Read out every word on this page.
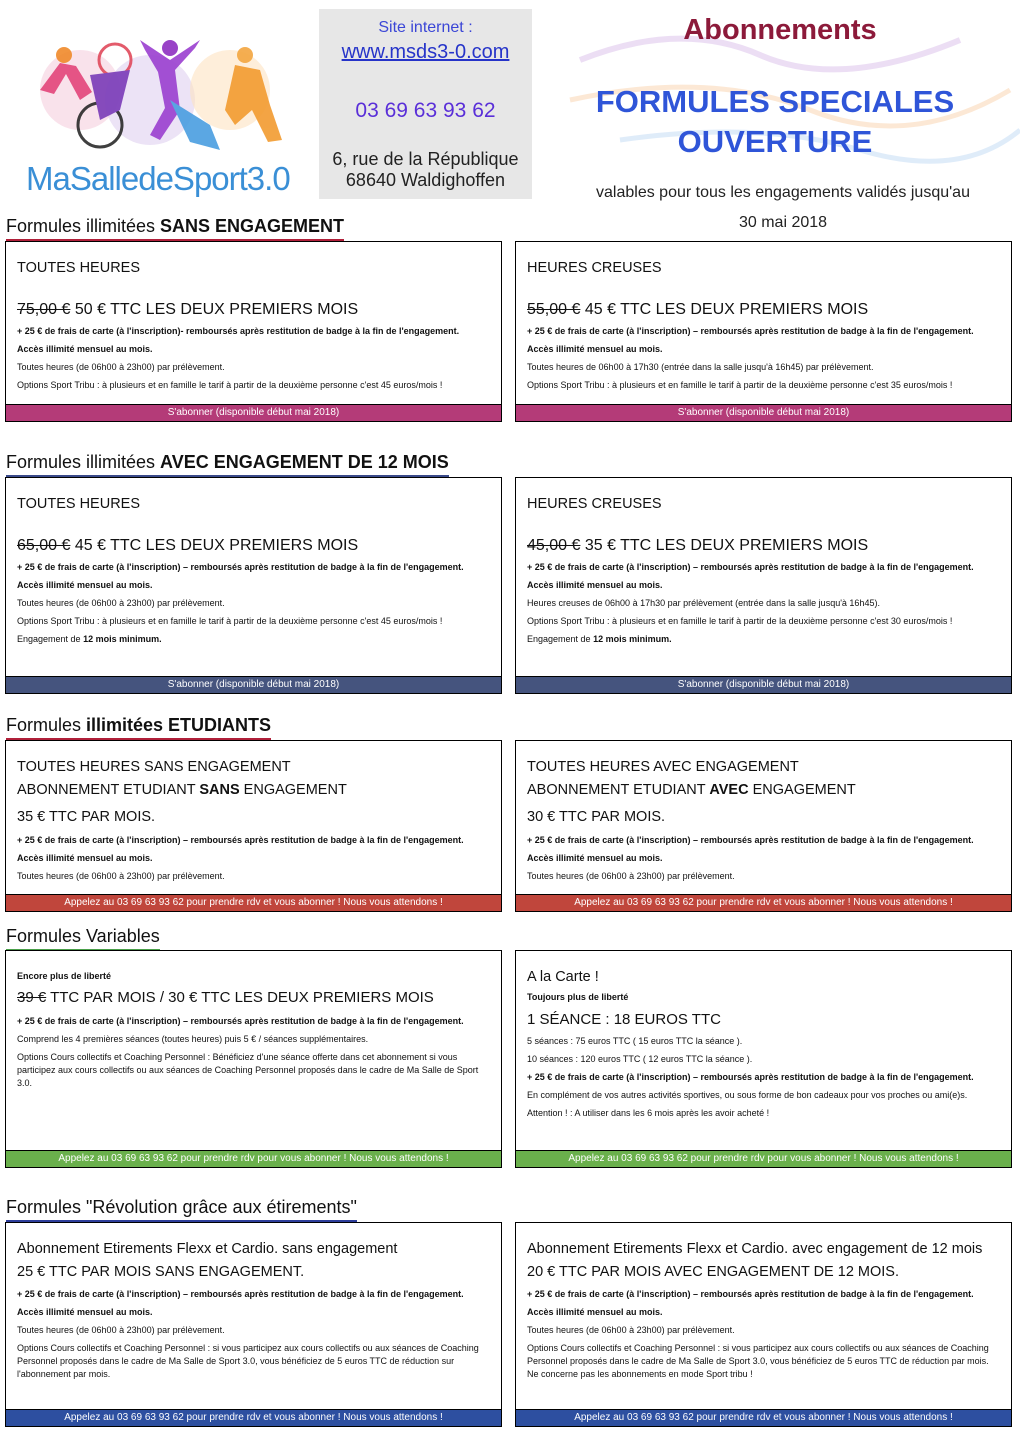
MaSalledeSport3.0
Site internet :
www.msds3-0.com
03 69 63 93 62
6, rue de la République
68640 Waldighoffen
Abonnements
FORMULES SPECIALES
OUVERTURE
valables pour tous les engagements validés jusqu'au
30 mai 2018
Formules illimitées SANS ENGAGEMENT
TOUTES HEURES
75,00 € 50 € TTC LES DEUX PREMIERS MOIS
+ 25 € de frais de carte (à l'inscription)- remboursés après restitution de badge à la fin de l'engagement.
Accès illimité mensuel au mois.
Toutes heures (de 06h00 à 23h00) par prélèvement.
Options Sport Tribu : à plusieurs et en famille le tarif à partir de la deuxième personne c'est 45 euros/mois !
S'abonner (disponible début mai 2018)
HEURES CREUSES
55,00 € 45 € TTC LES DEUX PREMIERS MOIS
+ 25 € de frais de carte (à l'inscription) – remboursés après restitution de badge à la fin de l'engagement.
Accès illimité mensuel au mois.
Toutes heures de 06h00 à 17h30 (entrée dans la salle jusqu'à 16h45) par prélèvement.
Options Sport Tribu : à plusieurs et en famille le tarif à partir de la deuxième personne c'est 35 euros/mois !
S'abonner (disponible début mai 2018)
Formules illimitées AVEC ENGAGEMENT DE 12 MOIS
TOUTES HEURES
65,00 € 45 € TTC LES DEUX PREMIERS MOIS
+ 25 € de frais de carte (à l'inscription) – remboursés après restitution de badge à la fin de l'engagement.
Accès illimité mensuel au mois.
Toutes heures (de 06h00 à 23h00) par prélèvement.
Options Sport Tribu : à plusieurs et en famille le tarif à partir de la deuxième personne c'est 45 euros/mois !
Engagement de 12 mois minimum.
S'abonner (disponible début mai 2018)
HEURES CREUSES
45,00 € 35 € TTC LES DEUX PREMIERS MOIS
+ 25 € de frais de carte (à l'inscription) – remboursés après restitution de badge à la fin de l'engagement.
Accès illimité mensuel au mois.
Heures creuses de 06h00 à 17h30 par prélèvement (entrée dans la salle jusqu'à 16h45).
Options Sport Tribu : à plusieurs et en famille le tarif à partir de la deuxième personne c'est 30 euros/mois !
Engagement de 12 mois minimum.
S'abonner (disponible début mai 2018)
Formules illimitées ETUDIANTS
TOUTES HEURES SANS ENGAGEMENT
ABONNEMENT ETUDIANT SANS ENGAGEMENT
35 € TTC PAR MOIS.
+ 25 € de frais de carte (à l'inscription) – remboursés après restitution de badge à la fin de l'engagement.
Accès illimité mensuel au mois.
Toutes heures (de 06h00 à 23h00) par prélèvement.
Appelez au 03 69 63 93 62 pour prendre rdv et vous abonner ! Nous vous attendons !
TOUTES HEURES AVEC ENGAGEMENT
ABONNEMENT ETUDIANT AVEC ENGAGEMENT
30 € TTC PAR MOIS.
+ 25 € de frais de carte (à l'inscription) – remboursés après restitution de badge à la fin de l'engagement.
Accès illimité mensuel au mois.
Toutes heures (de 06h00 à 23h00) par prélèvement.
Appelez au 03 69 63 93 62 pour prendre rdv et vous abonner ! Nous vous attendons !
Formules Variables
Encore plus de liberté
39 € TTC PAR MOIS / 30 € TTC LES DEUX PREMIERS MOIS
+ 25 € de frais de carte (à l'inscription) – remboursés après restitution de badge à la fin de l'engagement.
Comprend les 4 premières séances (toutes heures) puis 5 € / séances supplémentaires.
Options Cours collectifs et Coaching Personnel : Bénéficiez d'une séance offerte dans cet abonnement si vous participez aux cours collectifs ou aux séances de Coaching Personnel proposés dans le cadre de Ma Salle de Sport 3.0.
Appelez au 03 69 63 93 62 pour prendre rdv pour vous abonner ! Nous vous attendons !
A la Carte !
Toujours plus de liberté
1 SÉANCE : 18 EUROS TTC
5 séances : 75 euros TTC ( 15 euros TTC la séance ).
10 séances : 120 euros TTC ( 12 euros TTC la séance ).
+ 25 € de frais de carte (à l'inscription) – remboursés après restitution de badge à la fin de l'engagement.
En complément de vos autres activités sportives, ou sous forme de bon cadeaux pour vos proches ou ami(e)s.
Attention ! : A utiliser dans les 6 mois après les avoir acheté !
Appelez au 03 69 63 93 62 pour prendre rdv pour vous abonner ! Nous vous attendons !
Formules "Révolution grâce aux étirements"
Abonnement Etirements Flexx et Cardio. sans engagement
25 € TTC PAR MOIS SANS ENGAGEMENT.
+ 25 € de frais de carte (à l'inscription) – remboursés après restitution de badge à la fin de l'engagement.
Accès illimité mensuel au mois.
Toutes heures (de 06h00 à 23h00) par prélèvement.
Options Cours collectifs et Coaching Personnel : si vous participez aux cours collectifs ou aux séances de Coaching Personnel proposés dans le cadre de Ma Salle de Sport 3.0, vous bénéficiez de 5 euros TTC de réduction sur l'abonnement par mois.
Appelez au 03 69 63 93 62 pour prendre rdv et vous abonner ! Nous vous attendons !
Abonnement Etirements Flexx et Cardio. avec engagement de 12 mois
20 € TTC PAR MOIS AVEC ENGAGEMENT DE 12 MOIS.
+ 25 € de frais de carte (à l'inscription) – remboursés après restitution de badge à la fin de l'engagement.
Accès illimité mensuel au mois.
Toutes heures (de 06h00 à 23h00) par prélèvement.
Options Cours collectifs et Coaching Personnel : si vous participez aux cours collectifs ou aux séances de Coaching Personnel proposés dans le cadre de Ma Salle de Sport 3.0, vous bénéficiez de 5 euros TTC de réduction par mois. Ne concerne pas les abonnements en mode Sport tribu !
Appelez au 03 69 63 93 62 pour prendre rdv et vous abonner ! Nous vous attendons !
